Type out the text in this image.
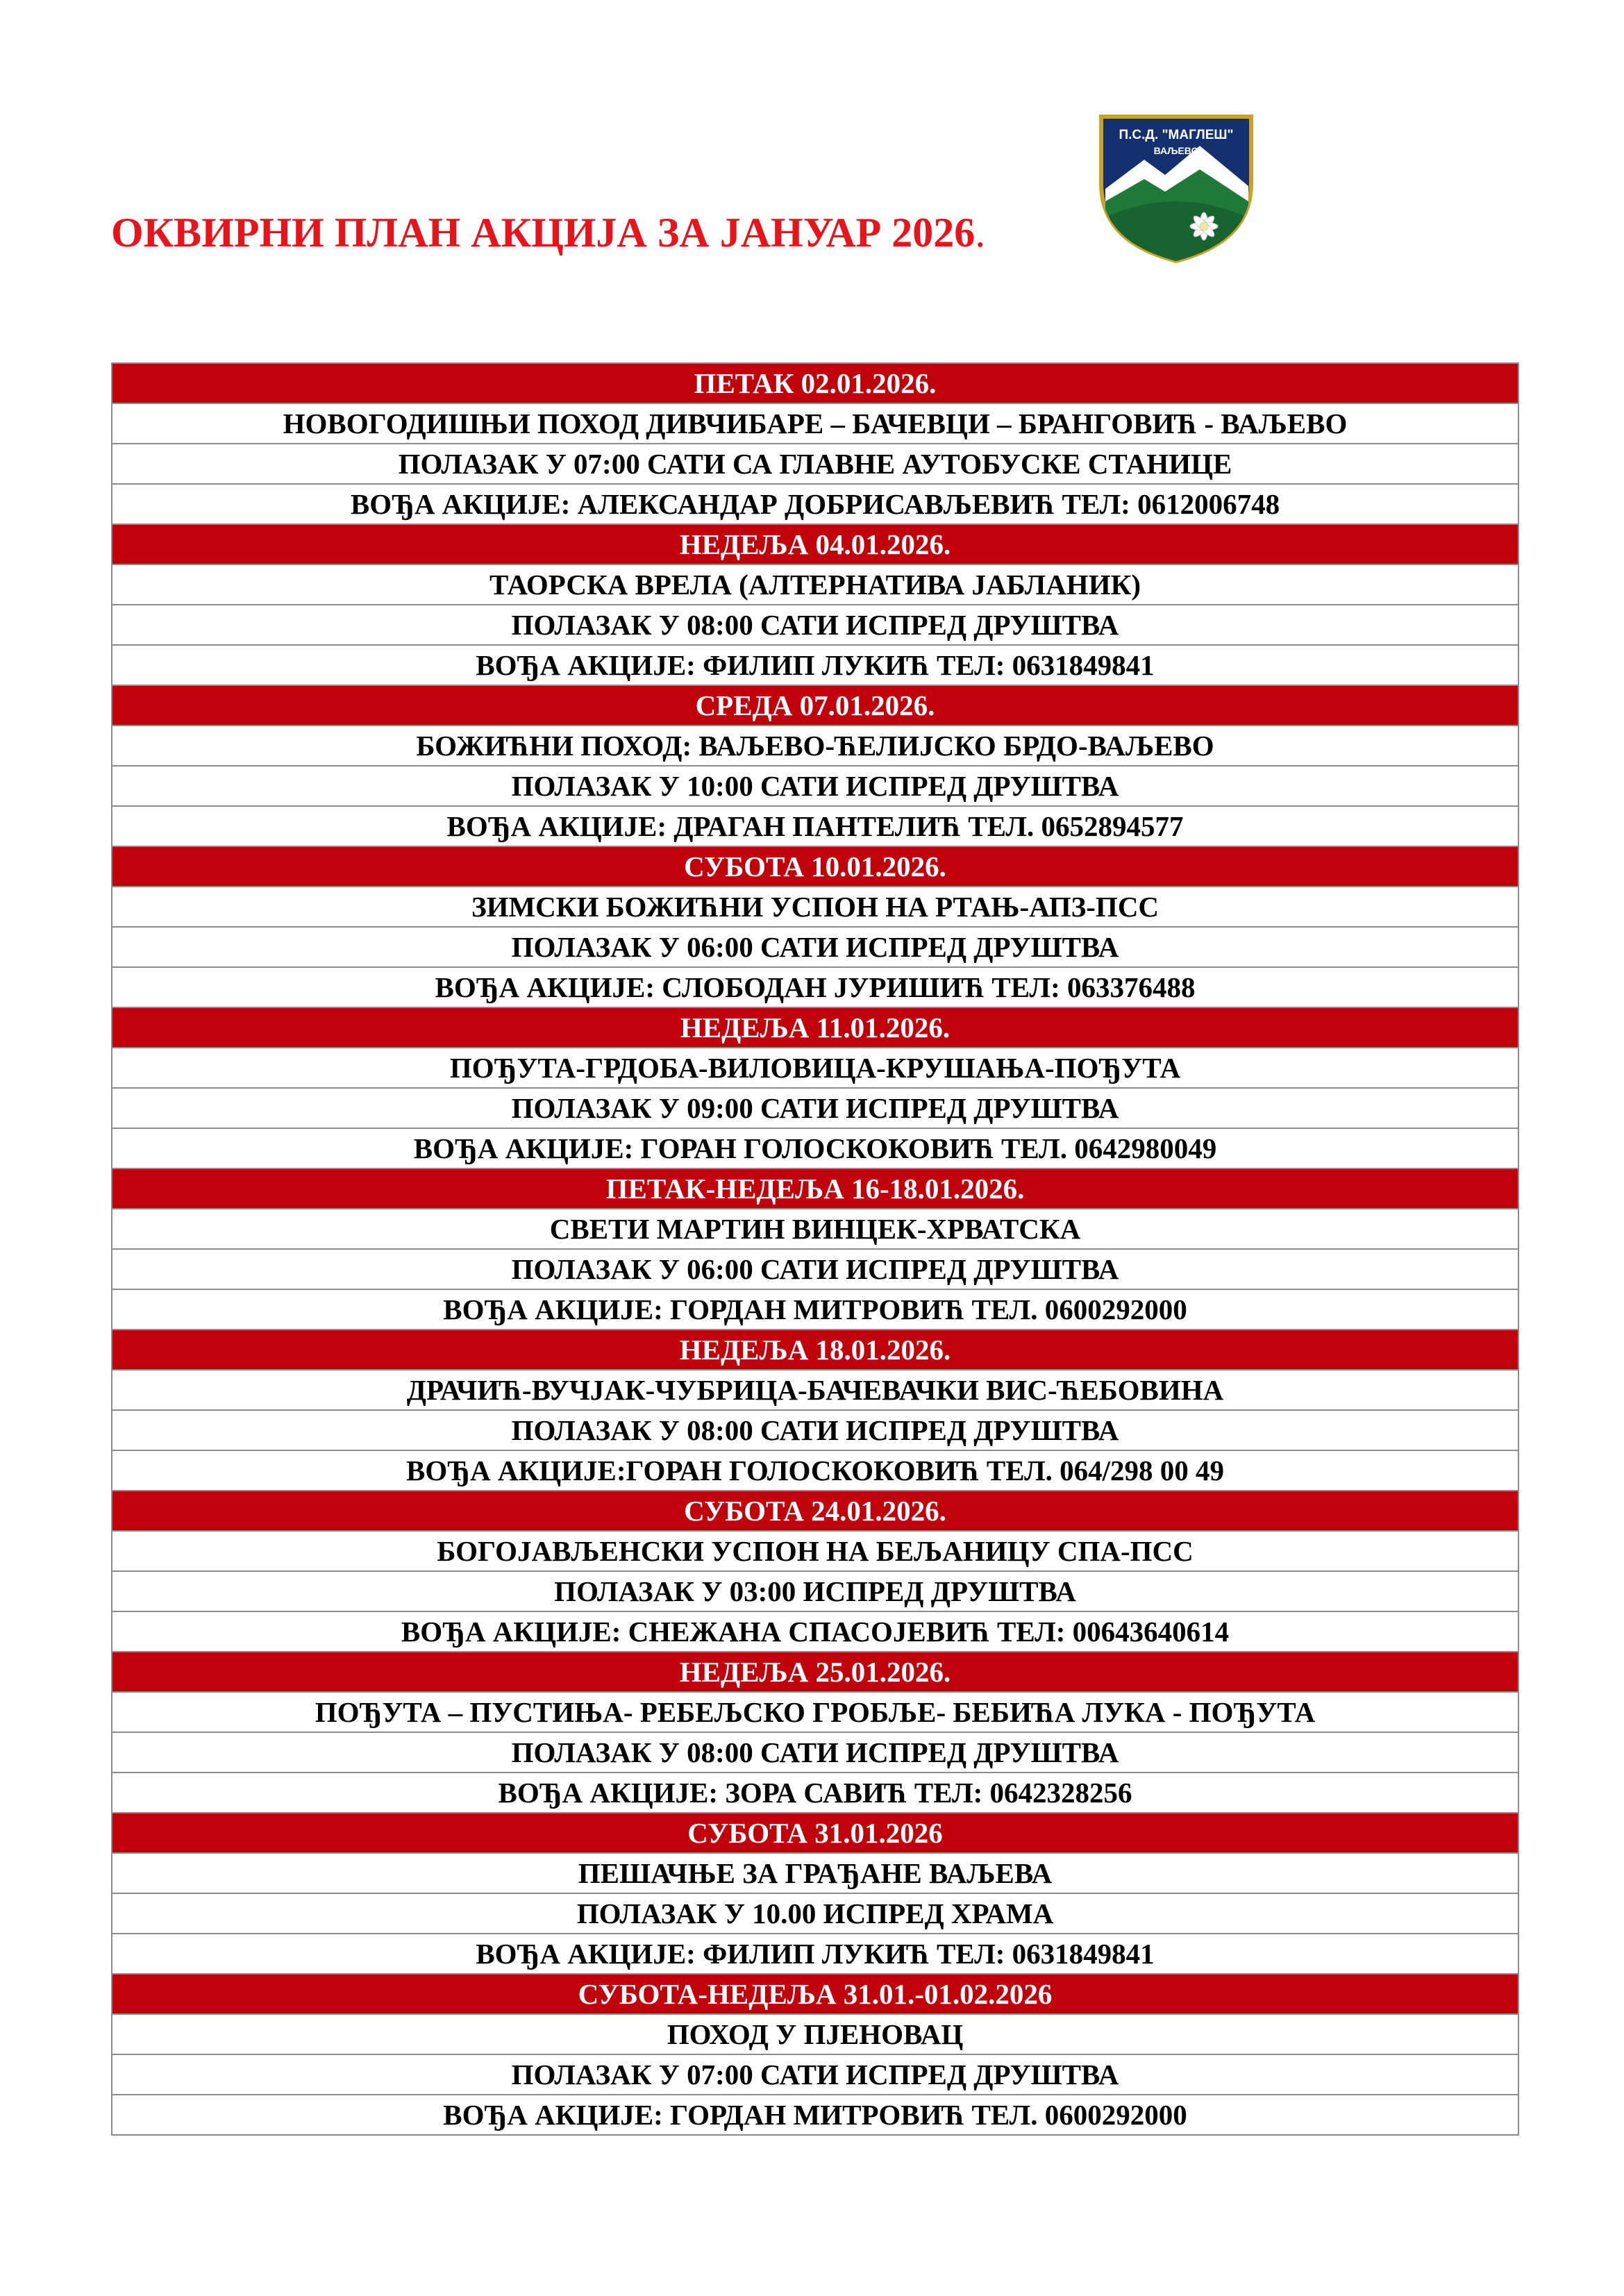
ОКВИРНИ ПЛАН АКЦИЈА ЗА ЈАНУАР 2026.
П.С.Д. "МАГЛЕШ"
ВАЉЕВО
ПЕТАК 02.01.2026.
НОВОГОДИШЊИ ПОХОД ДИВЧИБАРЕ – БАЧЕВЦИ – БРАНГОВИЋ - ВАЉЕВО
ПОЛАЗАК У 07:00 САТИ СА ГЛАВНЕ АУТОБУСКЕ СТАНИЦЕ
ВОЂА АКЦИЈЕ: АЛЕКСАНДАР ДОБРИСАВЉЕВИЋ ТЕЛ: 0612006748
НЕДЕЉА 04.01.2026.
ТАОРСКА ВРЕЛА (АЛТЕРНАТИВА ЈАБЛАНИК)
ПОЛАЗАК У 08:00 САТИ ИСПРЕД ДРУШТВА
ВОЂА АКЦИЈЕ: ФИЛИП ЛУКИЋ ТЕЛ: 0631849841
СРЕДА 07.01.2026.
БОЖИЋНИ ПОХОД: ВАЉЕВО-ЋЕЛИЈСКО БРДО-ВАЉЕВО
ПОЛАЗАК У 10:00 САТИ ИСПРЕД ДРУШТВА
ВОЂА АКЦИЈЕ: ДРАГАН ПАНТЕЛИЋ ТЕЛ. 0652894577
СУБОТА 10.01.2026.
ЗИМСКИ БОЖИЋНИ УСПОН НА РТАЊ-АПЗ-ПСС
ПОЛАЗАК У 06:00 САТИ ИСПРЕД ДРУШТВА
ВОЂА АКЦИЈЕ: СЛОБОДАН ЈУРИШИЋ ТЕЛ: 063376488
НЕДЕЉА 11.01.2026.
ПОЂУТА-ГРДОБА-ВИЛОВИЦА-КРУШАЊА-ПОЂУТА
ПОЛАЗАК У 09:00 САТИ ИСПРЕД ДРУШТВА
ВОЂА АКЦИЈЕ: ГОРАН ГОЛОСКОКОВИЋ ТЕЛ. 0642980049
ПЕТАК-НЕДЕЉА 16-18.01.2026.
СВЕТИ МАРТИН ВИНЦЕК-ХРВАТСКА
ПОЛАЗАК У 06:00 САТИ ИСПРЕД ДРУШТВА
ВОЂА АКЦИЈЕ: ГОРДАН МИТРОВИЋ ТЕЛ. 0600292000
НЕДЕЉА 18.01.2026.
ДРАЧИЋ-ВУЧЈАК-ЧУБРИЦА-БАЧЕВАЧКИ ВИС-ЋЕБОВИНА
ПОЛАЗАК У 08:00 САТИ ИСПРЕД ДРУШТВА
ВОЂА АКЦИЈЕ:ГОРАН ГОЛОСКОКОВИЋ ТЕЛ. 064/298 00 49
СУБОТА 24.01.2026.
БОГОЈАВЉЕНСКИ УСПОН НА БЕЉАНИЦУ СПА-ПСС
ПОЛАЗАК У 03:00 ИСПРЕД ДРУШТВА
ВОЂА АКЦИЈЕ: СНЕЖАНА СПАСОЈЕВИЋ ТЕЛ: 00643640614
НЕДЕЉА 25.01.2026.
ПОЂУТА – ПУСТИЊА- РЕБЕЉСКО ГРОБЉЕ- БЕБИЋА ЛУКА - ПОЂУТА
ПОЛАЗАК У 08:00 САТИ ИСПРЕД ДРУШТВА
ВОЂА АКЦИЈЕ: ЗОРА САВИЋ ТЕЛ: 0642328256
СУБОТА 31.01.2026
ПЕШАЧЊЕ ЗА ГРАЂАНЕ ВАЉЕВА
ПОЛАЗАК У 10.00 ИСПРЕД ХРАМА
ВОЂА АКЦИЈЕ: ФИЛИП ЛУКИЋ ТЕЛ: 0631849841
СУБОТА-НЕДЕЉА 31.01.-01.02.2026
ПОХОД У ПЈЕНОВАЦ
ПОЛАЗАК У 07:00 САТИ ИСПРЕД ДРУШТВА
ВОЂА АКЦИЈЕ: ГОРДАН МИТРОВИЋ ТЕЛ. 0600292000
